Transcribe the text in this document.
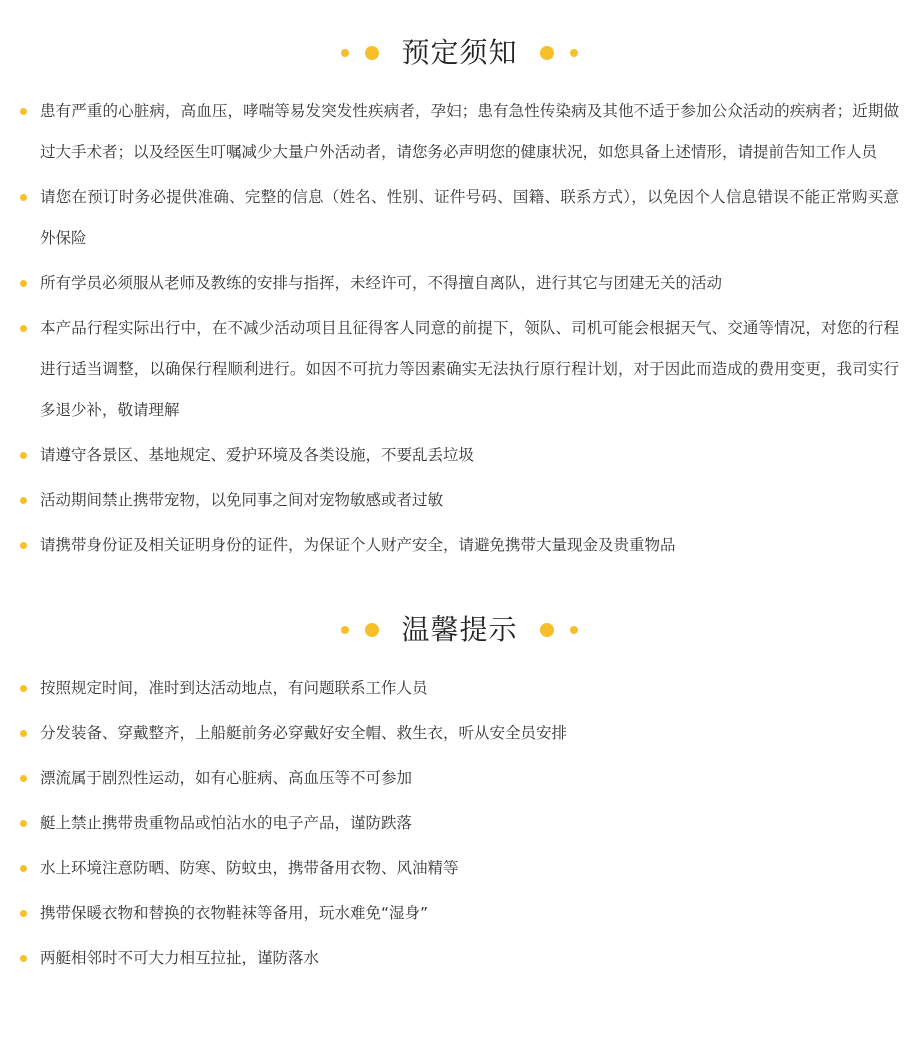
预定须知
患有严重的心脏病，高血压，哮喘等易发突发性疾病者，孕妇；患有急性传染病及其他不适于参加公众活动的疾病者；近期做过大手术者；以及经医生叮嘱减少大量户外活动者，请您务必声明您的健康状况，如您具备上述情形，请提前告知工作人员
请您在预订时务必提供准确、完整的信息（姓名、性别、证件号码、国籍、联系方式），以免因个人信息错误不能正常购买意外保险
所有学员必须服从老师及教练的安排与指挥，未经许可，不得擅自离队，进行其它与团建无关的活动
本产品行程实际出行中，在不减少活动项目且征得客人同意的前提下，领队、司机可能会根据天气、交通等情况，对您的行程进行适当调整，以确保行程顺利进行。如因不可抗力等因素确实无法执行原行程计划，对于因此而造成的费用变更，我司实行多退少补，敬请理解
请遵守各景区、基地规定、爱护环境及各类设施，不要乱丢垃圾
活动期间禁止携带宠物，以免同事之间对宠物敏感或者过敏
请携带身份证及相关证明身份的证件，为保证个人财产安全，请避免携带大量现金及贵重物品
温馨提示
按照规定时间，准时到达活动地点，有问题联系工作人员
分发装备、穿戴整齐，上船艇前务必穿戴好安全帽、救生衣，听从安全员安排
漂流属于剧烈性运动，如有心脏病、高血压等不可参加
艇上禁止携带贵重物品或怕沾水的电子产品，谨防跌落
水上环境注意防晒、防寒、防蚊虫，携带备用衣物、风油精等
携带保暖衣物和替换的衣物鞋袜等备用，玩水难免“湿身”
两艇相邻时不可大力相互拉扯，谨防落水
